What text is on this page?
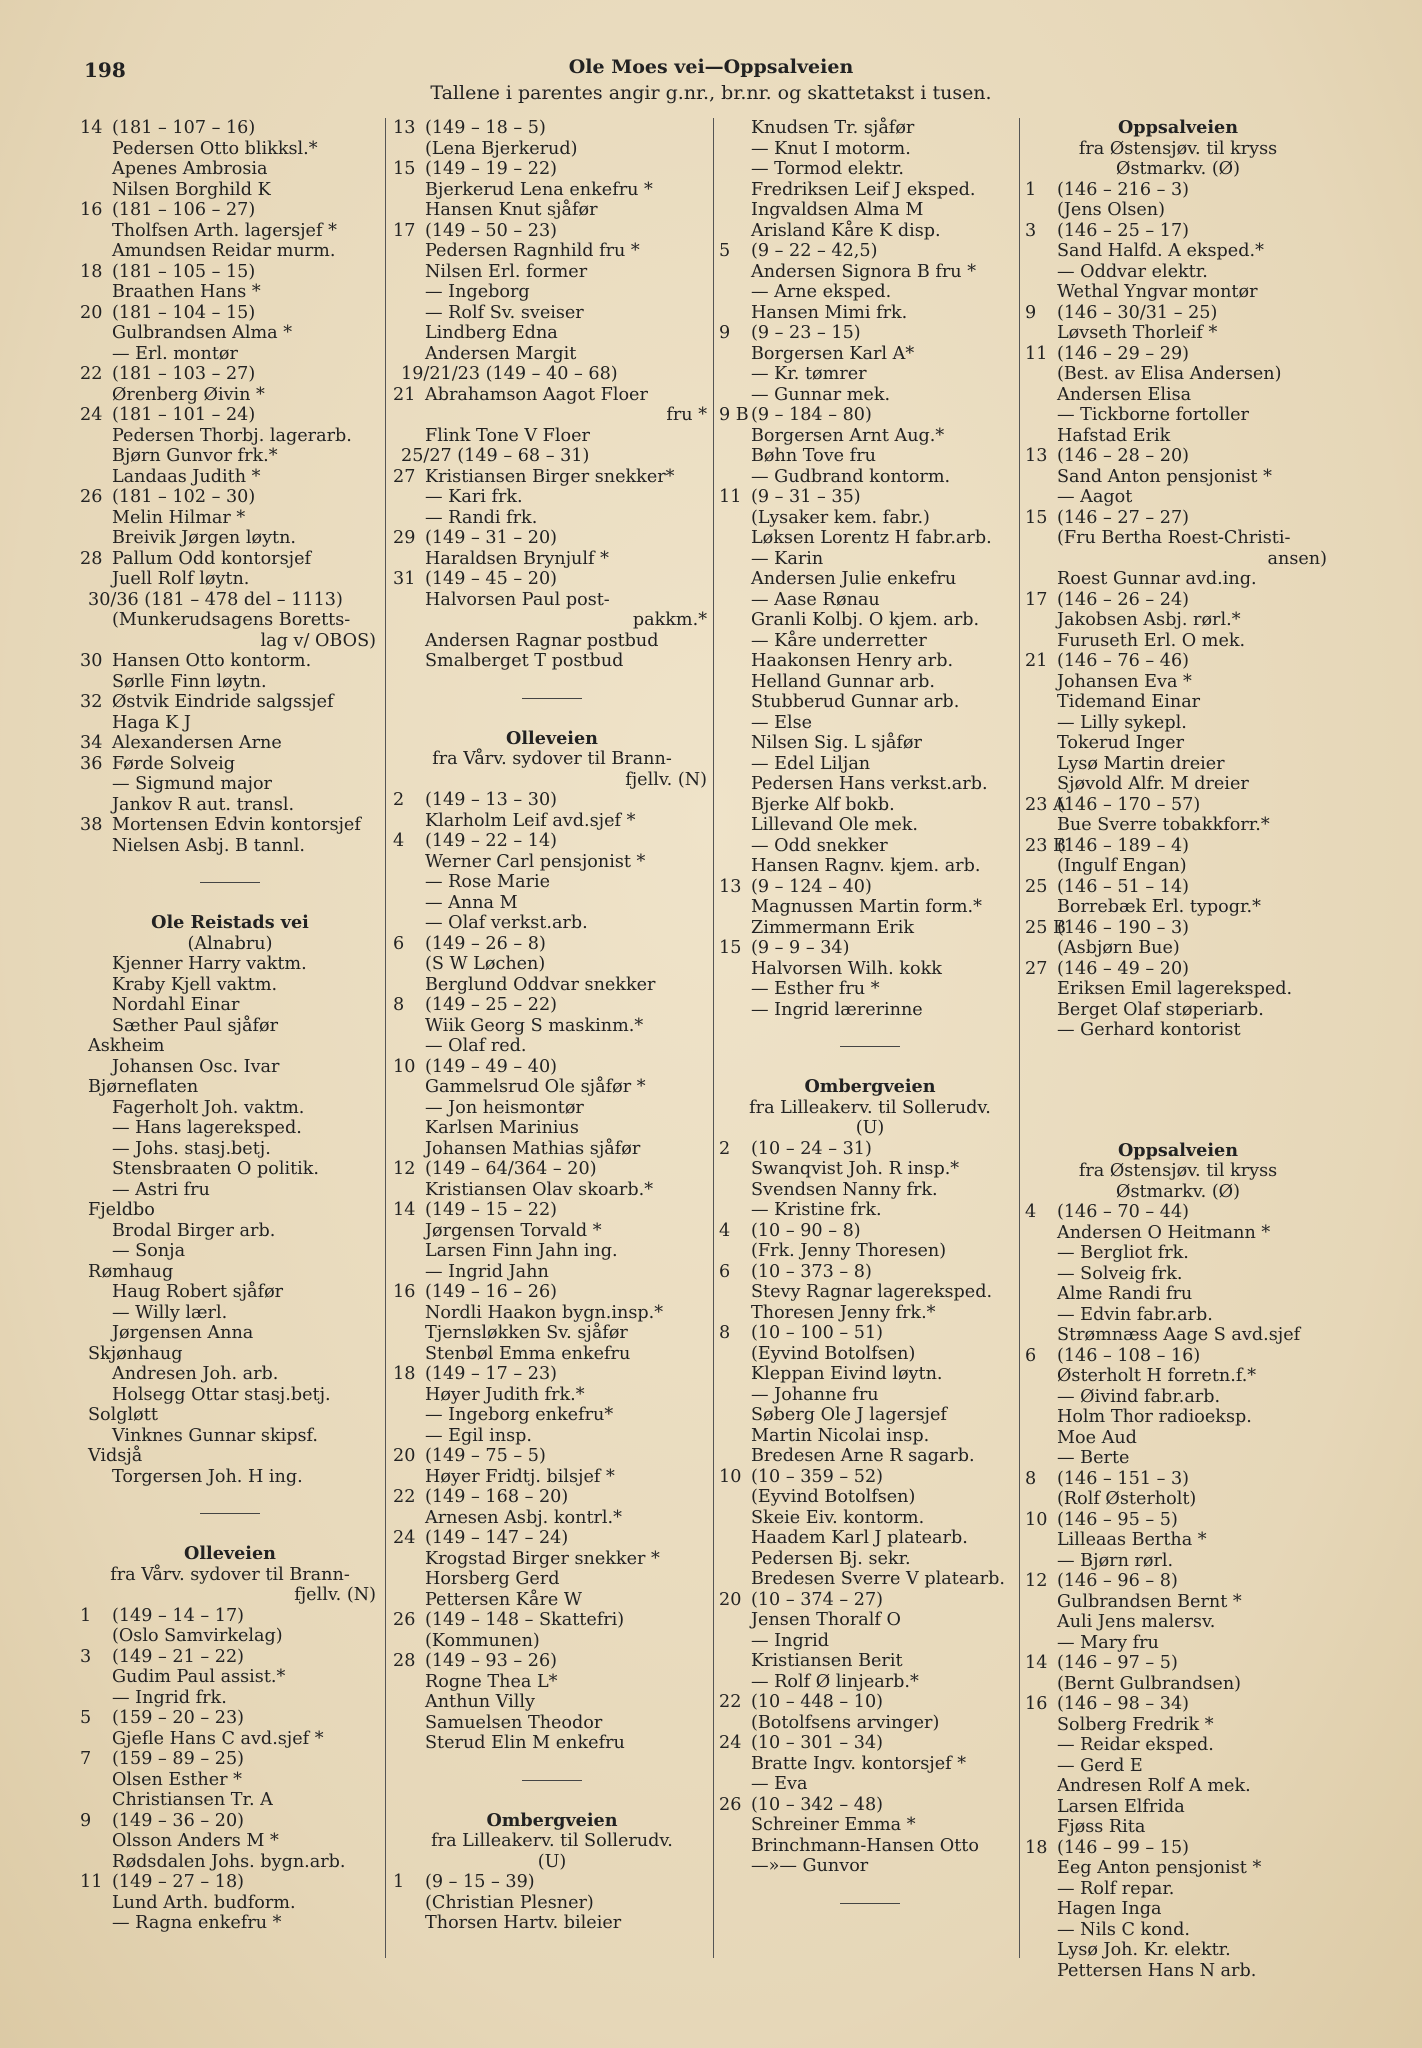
198	Ole Moes vei—Oppsalveien
Tallene i parentes angir g.nr., br.nr. og skattetakst i tusen.
14 (181 – 107 – 16)
Pedersen Otto blikksl.*
Apenes Ambrosia
Nilsen Borghild K
16 (181 – 106 – 27)
Tholfsen Arth. lagersjef *
Amundsen Reidar murm.
18 (181 – 105 – 15)
Braathen Hans *
20 (181 – 104 – 15)
Gulbrandsen Alma *
— Erl. montør
22 (181 – 103 – 27)
Ørenberg Øivin *
24 (181 – 101 – 24)
Pedersen Thorbj. lagerarb.
Bjørn Gunvor frk.*
Landaas Judith *
26 (181 – 102 – 30)
Melin Hilmar *
Breivik Jørgen løytn.
28 Pallum Odd kontorsjef
Juell Rolf løytn.
30/36 (181 – 478 del – 1113)
(Munkerudsagens Boretts-
lag v/ OBOS)
30 Hansen Otto kontorm.
Sørlle Finn løytn.
32 Østvik Eindride salgssjef
Haga K J
34 Alexandersen Arne
36 Førde Solveig
— Sigmund major
Jankov R aut. transl.
38 Mortensen Edvin kontorsjef
Nielsen Asbj. B tannl.
Ole Reistads vei
(Alnabru)
Kjenner Harry vaktm.
Kraby Kjell vaktm.
Nordahl Einar
Sæther Paul sjåfør
Askheim
Johansen Osc. Ivar
Bjørneflaten
Fagerholt Joh. vaktm.
— Hans lagereksped.
— Johs. stasj.betj.
Stensbraaten O politik.
— Astri fru
Fjeldbo
Brodal Birger arb.
— Sonja
Rømhaug
Haug Robert sjåfør
— Willy lærl.
Jørgensen Anna
Skjønhaug
Andresen Joh. arb.
Holsegg Ottar stasj.betj.
Solgløtt
Vinknes Gunnar skipsf.
Vidsjå
Torgersen Joh. H ing.
Olleveien
fra Vårv. sydover til Brann-
fjellv. (N)
1 (149 – 14 – 17)
(Oslo Samvirkelag)
3 (149 – 21 – 22)
Gudim Paul assist.*
— Ingrid frk.
5 (159 – 20 – 23)
Gjefle Hans C avd.sjef *
7 (159 – 89 – 25)
Olsen Esther *
Christiansen Tr. A
9 (149 – 36 – 20)
Olsson Anders M *
Rødsdalen Johs. bygn.arb.
11 (149 – 27 – 18)
Lund Arth. budform.
— Ragna enkefru *
13 (149 – 18 – 5)
(Lena Bjerkerud)
15 (149 – 19 – 22)
Bjerkerud Lena enkefru *
Hansen Knut sjåfør
17 (149 – 50 – 23)
Pedersen Ragnhild fru *
Nilsen Erl. former
— Ingeborg
— Rolf Sv. sveiser
Lindberg Edna
Andersen Margit
19/21/23 (149 – 40 – 68)
21 Abrahamson Aagot Floer
fru *
Flink Tone V Floer
25/27 (149 – 68 – 31)
27 Kristiansen Birger snekker*
— Kari frk.
— Randi frk.
29 (149 – 31 – 20)
Haraldsen Brynjulf *
31 (149 – 45 – 20)
Halvorsen Paul post-
pakkm.*
Andersen Ragnar postbud
Smalberget T postbud
Olleveien
fra Vårv. sydover til Brann-
fjellv. (N)
2 (149 – 13 – 30)
Klarholm Leif avd.sjef *
4 (149 – 22 – 14)
Werner Carl pensjonist *
— Rose Marie
— Anna M
— Olaf verkst.arb.
6 (149 – 26 – 8)
(S W Løchen)
Berglund Oddvar snekker
8 (149 – 25 – 22)
Wiik Georg S maskinm.*
— Olaf red.
10 (149 – 49 – 40)
Gammelsrud Ole sjåfør *
— Jon heismontør
Karlsen Marinius
Johansen Mathias sjåfør
12 (149 – 64/364 – 20)
Kristiansen Olav skoarb.*
14 (149 – 15 – 22)
Jørgensen Torvald *
Larsen Finn Jahn ing.
— Ingrid Jahn
16 (149 – 16 – 26)
Nordli Haakon bygn.insp.*
Tjernsløkken Sv. sjåfør
Stenbøl Emma enkefru
18 (149 – 17 – 23)
Høyer Judith frk.*
— Ingeborg enkefru*
— Egil insp.
20 (149 – 75 – 5)
Høyer Fridtj. bilsjef *
22 (149 – 168 – 20)
Arnesen Asbj. kontrl.*
24 (149 – 147 – 24)
Krogstad Birger snekker *
Horsberg Gerd
Pettersen Kåre W
26 (149 – 148 – Skattefri)
(Kommunen)
28 (149 – 93 – 26)
Rogne Thea L*
Anthun Villy
Samuelsen Theodor
Sterud Elin M enkefru
Ombergveien
fra Lilleakerv. til Sollerudv.
(U)
1 (9 – 15 – 39)
(Christian Plesner)
Thorsen Hartv. bileier
Knudsen Tr. sjåfør
— Knut I motorm.
— Tormod elektr.
Fredriksen Leif J eksped.
Ingvaldsen Alma M
Arisland Kåre K disp.
5 (9 – 22 – 42,5)
Andersen Signora B fru *
— Arne eksped.
Hansen Mimi frk.
9 (9 – 23 – 15)
Borgersen Karl A*
— Kr. tømrer
— Gunnar mek.
9 B (9 – 184 – 80)
Borgersen Arnt Aug.*
Bøhn Tove fru
— Gudbrand kontorm.
11 (9 – 31 – 35)
(Lysaker kem. fabr.)
Løksen Lorentz H fabr.arb.
— Karin
Andersen Julie enkefru
— Aase Rønau
Granli Kolbj. O kjem. arb.
— Kåre underretter
Haakonsen Henry arb.
Helland Gunnar arb.
Stubberud Gunnar arb.
— Else
Nilsen Sig. L sjåfør
— Edel Liljan
Pedersen Hans verkst.arb.
Bjerke Alf bokb.
Lillevand Ole mek.
— Odd snekker
Hansen Ragnv. kjem. arb.
13 (9 – 124 – 40)
Magnussen Martin form.*
Zimmermann Erik
15 (9 – 9 – 34)
Halvorsen Wilh. kokk
— Esther fru *
— Ingrid lærerinne
Ombergveien
fra Lilleakerv. til Sollerudv.
(U)
2 (10 – 24 – 31)
Swanqvist Joh. R insp.*
Svendsen Nanny frk.
— Kristine frk.
4 (10 – 90 – 8)
(Frk. Jenny Thoresen)
6 (10 – 373 – 8)
Stevy Ragnar lagereksped.
Thoresen Jenny frk.*
8 (10 – 100 – 51)
(Eyvind Botolfsen)
Kleppan Eivind løytn.
— Johanne fru
Søberg Ole J lagersjef
Martin Nicolai insp.
Bredesen Arne R sagarb.
10 (10 – 359 – 52)
(Eyvind Botolfsen)
Skeie Eiv. kontorm.
Haadem Karl J platearb.
Pedersen Bj. sekr.
Bredesen Sverre V platearb.
20 (10 – 374 – 27)
Jensen Thoralf O
— Ingrid
Kristiansen Berit
— Rolf Ø linjearb.*
22 (10 – 448 – 10)
(Botolfsens arvinger)
24 (10 – 301 – 34)
Bratte Ingv. kontorsjef *
— Eva
26 (10 – 342 – 48)
Schreiner Emma *
Brinchmann-Hansen Otto
—»— Gunvor
Oppsalveien
fra Østensjøv. til kryss
Østmarkv. (Ø)
1 (146 – 216 – 3)
(Jens Olsen)
3 (146 – 25 – 17)
Sand Halfd. A eksped.*
— Oddvar elektr.
Wethal Yngvar montør
9 (146 – 30/31 – 25)
Løvseth Thorleif *
11 (146 – 29 – 29)
(Best. av Elisa Andersen)
Andersen Elisa
— Tickborne fortoller
Hafstad Erik
13 (146 – 28 – 20)
Sand Anton pensjonist *
— Aagot
15 (146 – 27 – 27)
(Fru Bertha Roest-Christi-
ansen)
Roest Gunnar avd.ing.
17 (146 – 26 – 24)
Jakobsen Asbj. rørl.*
Furuseth Erl. O mek.
21 (146 – 76 – 46)
Johansen Eva *
Tidemand Einar
— Lilly sykepl.
Tokerud Inger
Lysø Martin dreier
Sjøvold Alfr. M dreier
23 A(146 – 170 – 57)
Bue Sverre tobakkforr.*
23 B(146 – 189 – 4)
(Ingulf Engan)
25 (146 – 51 – 14)
Borrebæk Erl. typogr.*
25 B(146 – 190 – 3)
(Asbjørn Bue)
27 (146 – 49 – 20)
Eriksen Emil lagereksped.
Berget Olaf støperiarb.
— Gerhard kontorist
Oppsalveien
fra Østensjøv. til kryss
Østmarkv. (Ø)
4 (146 – 70 – 44)
Andersen O Heitmann *
— Bergliot frk.
— Solveig frk.
Alme Randi fru
— Edvin fabr.arb.
Strømnæss Aage S avd.sjef
6 (146 – 108 – 16)
Østerholt H forretn.f.*
— Øivind fabr.arb.
Holm Thor radioeksp.
Moe Aud
— Berte
8 (146 – 151 – 3)
(Rolf Østerholt)
10 (146 – 95 – 5)
Lilleaas Bertha *
— Bjørn rørl.
12 (146 – 96 – 8)
Gulbrandsen Bernt *
Auli Jens malersv.
— Mary fru
14 (146 – 97 – 5)
(Bernt Gulbrandsen)
16 (146 – 98 – 34)
Solberg Fredrik *
— Reidar eksped.
— Gerd E
Andresen Rolf A mek.
Larsen Elfrida
Fjøss Rita
18 (146 – 99 – 15)
Eeg Anton pensjonist *
— Rolf repar.
Hagen Inga
— Nils C kond.
Lysø Joh. Kr. elektr.
Pettersen Hans N arb.
